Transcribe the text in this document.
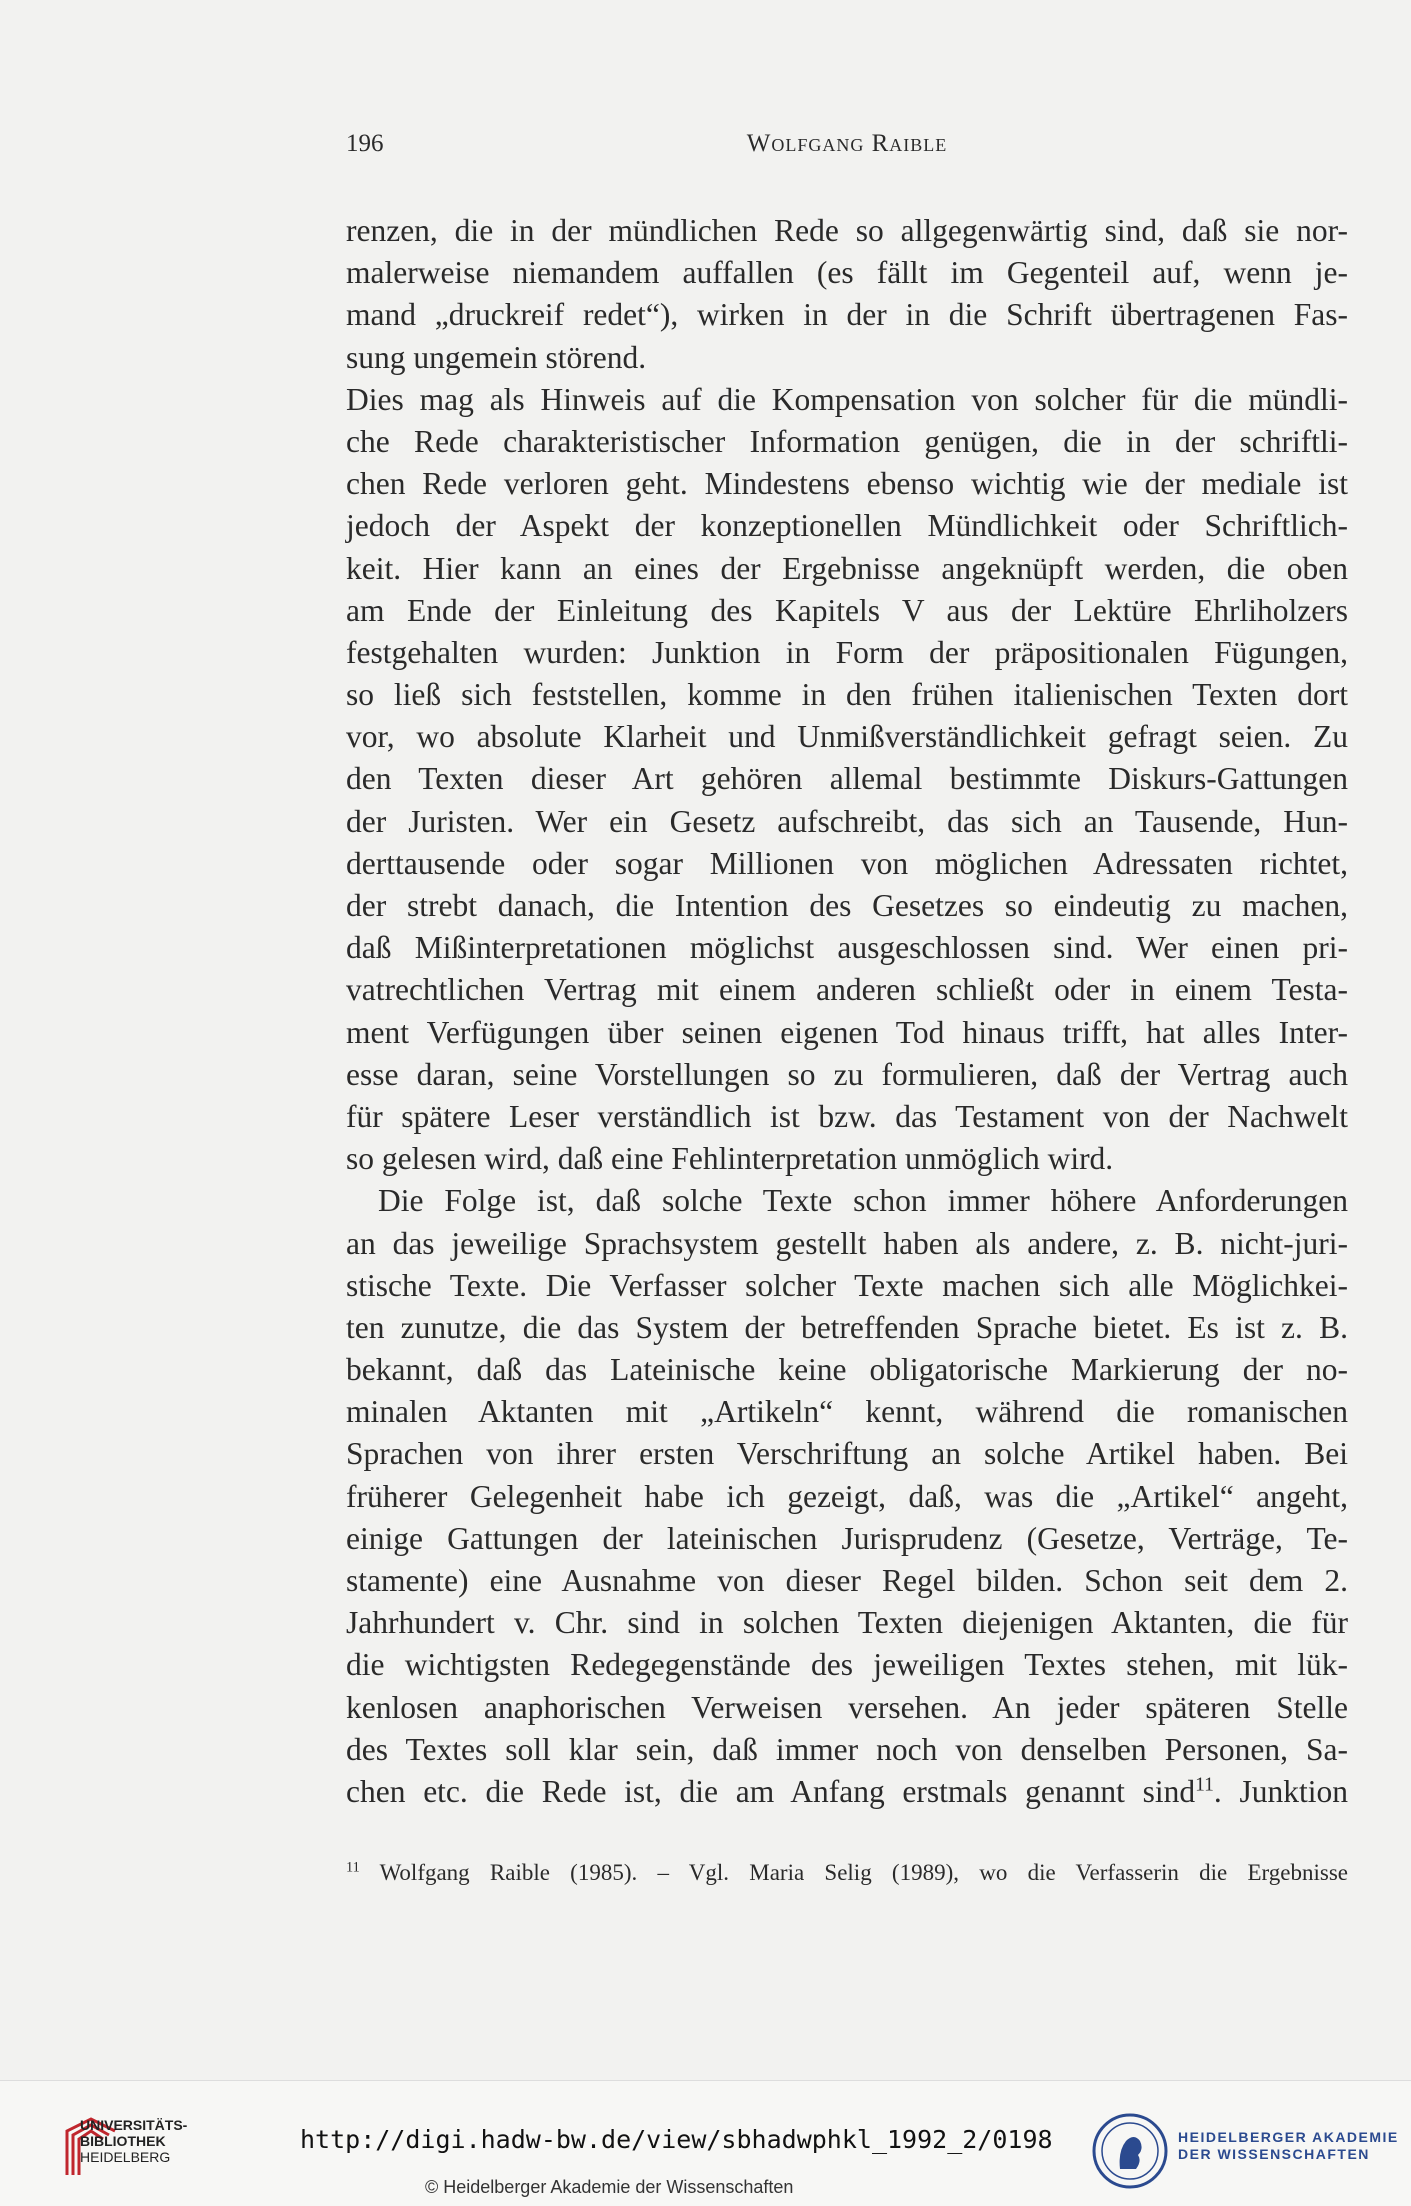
196	Wolfgang Raible
renzen, die in der mündlichen Rede so allgegenwärtig sind, daß sie nor-
malerweise niemandem auffallen (es fällt im Gegenteil auf, wenn je-
mand „druckreif redet“), wirken in der in die Schrift übertragenen Fas-
sung ungemein störend.
Dies mag als Hinweis auf die Kompensation von solcher für die mündli-
che Rede charakteristischer Information genügen, die in der schriftli-
chen Rede verloren geht. Mindestens ebenso wichtig wie der mediale ist
jedoch der Aspekt der konzeptionellen Mündlichkeit oder Schriftlich-
keit. Hier kann an eines der Ergebnisse angeknüpft werden, die oben
am Ende der Einleitung des Kapitels V aus der Lektüre Ehrliholzers
festgehalten wurden: Junktion in Form der präpositionalen Fügungen,
so ließ sich feststellen, komme in den frühen italienischen Texten dort
vor, wo absolute Klarheit und Unmißverständlichkeit gefragt seien. Zu
den Texten dieser Art gehören allemal bestimmte Diskurs-Gattungen
der Juristen. Wer ein Gesetz aufschreibt, das sich an Tausende, Hun-
derttausende oder sogar Millionen von möglichen Adressaten richtet,
der strebt danach, die Intention des Gesetzes so eindeutig zu machen,
daß Mißinterpretationen möglichst ausgeschlossen sind. Wer einen pri-
vatrechtlichen Vertrag mit einem anderen schließt oder in einem Testa-
ment Verfügungen über seinen eigenen Tod hinaus trifft, hat alles Inter-
esse daran, seine Vorstellungen so zu formulieren, daß der Vertrag auch
für spätere Leser verständlich ist bzw. das Testament von der Nachwelt
so gelesen wird, daß eine Fehlinterpretation unmöglich wird.
Die Folge ist, daß solche Texte schon immer höhere Anforderungen
an das jeweilige Sprachsystem gestellt haben als andere, z. B. nicht-juri-
stische Texte. Die Verfasser solcher Texte machen sich alle Möglichkei-
ten zunutze, die das System der betreffenden Sprache bietet. Es ist z. B.
bekannt, daß das Lateinische keine obligatorische Markierung der no-
minalen Aktanten mit „Artikeln“ kennt, während die romanischen
Sprachen von ihrer ersten Verschriftung an solche Artikel haben. Bei
früherer Gelegenheit habe ich gezeigt, daß, was die „Artikel“ angeht,
einige Gattungen der lateinischen Jurisprudenz (Gesetze, Verträge, Te-
stamente) eine Ausnahme von dieser Regel bilden. Schon seit dem 2.
Jahrhundert v. Chr. sind in solchen Texten diejenigen Aktanten, die für
die wichtigsten Redegegenstände des jeweiligen Textes stehen, mit lük-
kenlosen anaphorischen Verweisen versehen. An jeder späteren Stelle
des Textes soll klar sein, daß immer noch von denselben Personen, Sa-
chen etc. die Rede ist, die am Anfang erstmals genannt sind$^{11}$. Junktion
$^{11}$ Wolfgang Raible (1985). – Vgl. Maria Selig (1989), wo die Verfasserin die Ergebnisse
UNIVERSITÄTS-
BIBLIOTHEK
HEIDELBERG
http://digi.hadw-bw.de/view/sbhadwphkl_1992_2/0198
© Heidelberger Akademie der Wissenschaften
HEIDELBERGER AKADEMIE
DER WISSENSCHAFTEN
